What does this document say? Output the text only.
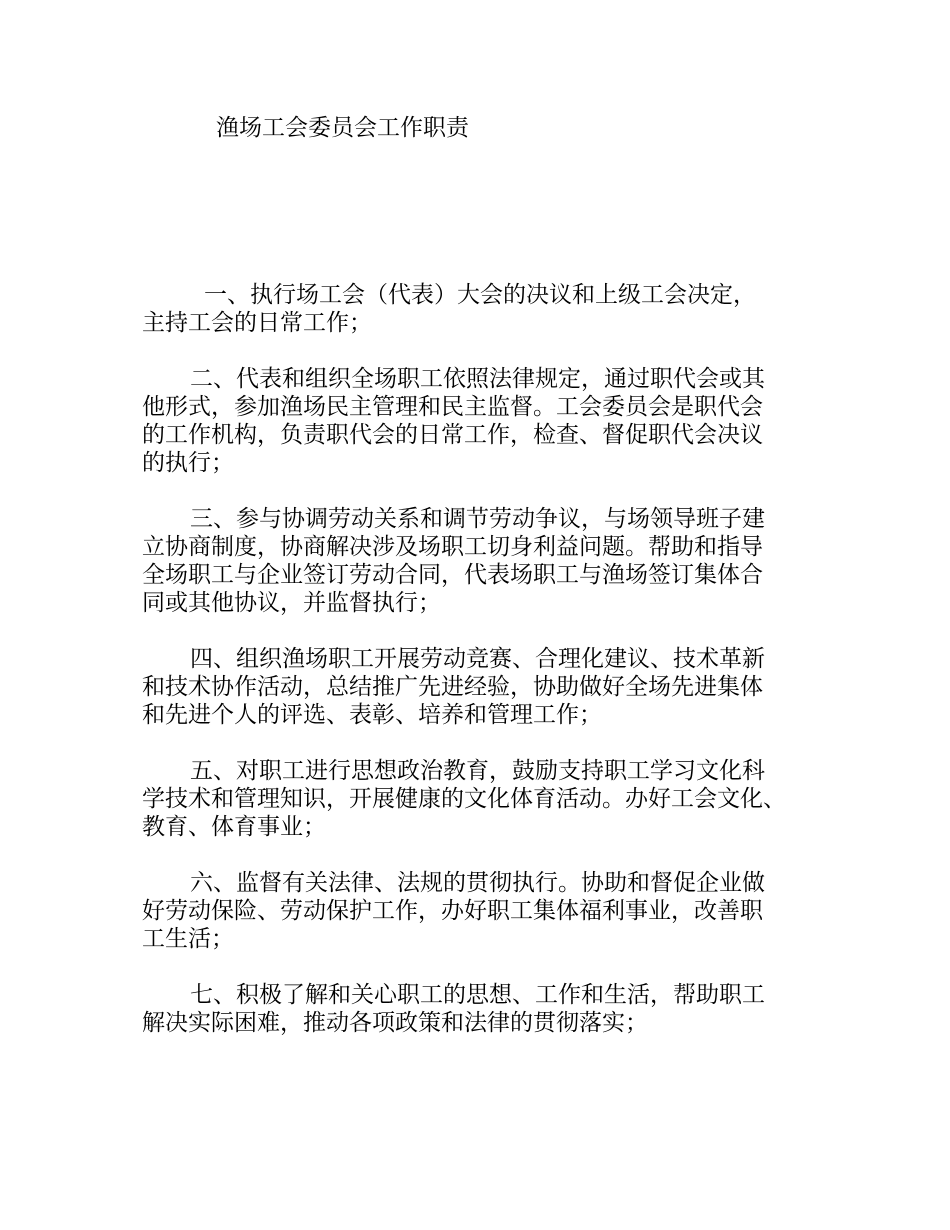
渔场工会委员会工作职责

一、执行场工会（代表）大会的决议和上级工会决定，
主持工会的日常工作；

二、代表和组织全场职工依照法律规定，通过职代会或其
他形式，参加渔场民主管理和民主监督。工会委员会是职代会
的工作机构，负责职代会的日常工作，检查、督促职代会决议
的执行；

三、参与协调劳动关系和调节劳动争议，与场领导班子建
立协商制度，协商解决涉及场职工切身利益问题。帮助和指导
全场职工与企业签订劳动合同，代表场职工与渔场签订集体合
同或其他协议，并监督执行；

四、组织渔场职工开展劳动竞赛、合理化建议、技术革新
和技术协作活动，总结推广先进经验，协助做好全场先进集体
和先进个人的评选、表彰、培养和管理工作；

五、对职工进行思想政治教育，鼓励支持职工学习文化科
学技术和管理知识，开展健康的文化体育活动。办好工会文化、
教育、体育事业；

六、监督有关法律、法规的贯彻执行。协助和督促企业做
好劳动保险、劳动保护工作，办好职工集体福利事业，改善职
工生活；

七、积极了解和关心职工的思想、工作和生活，帮助职工
解决实际困难，推动各项政策和法律的贯彻落实；
